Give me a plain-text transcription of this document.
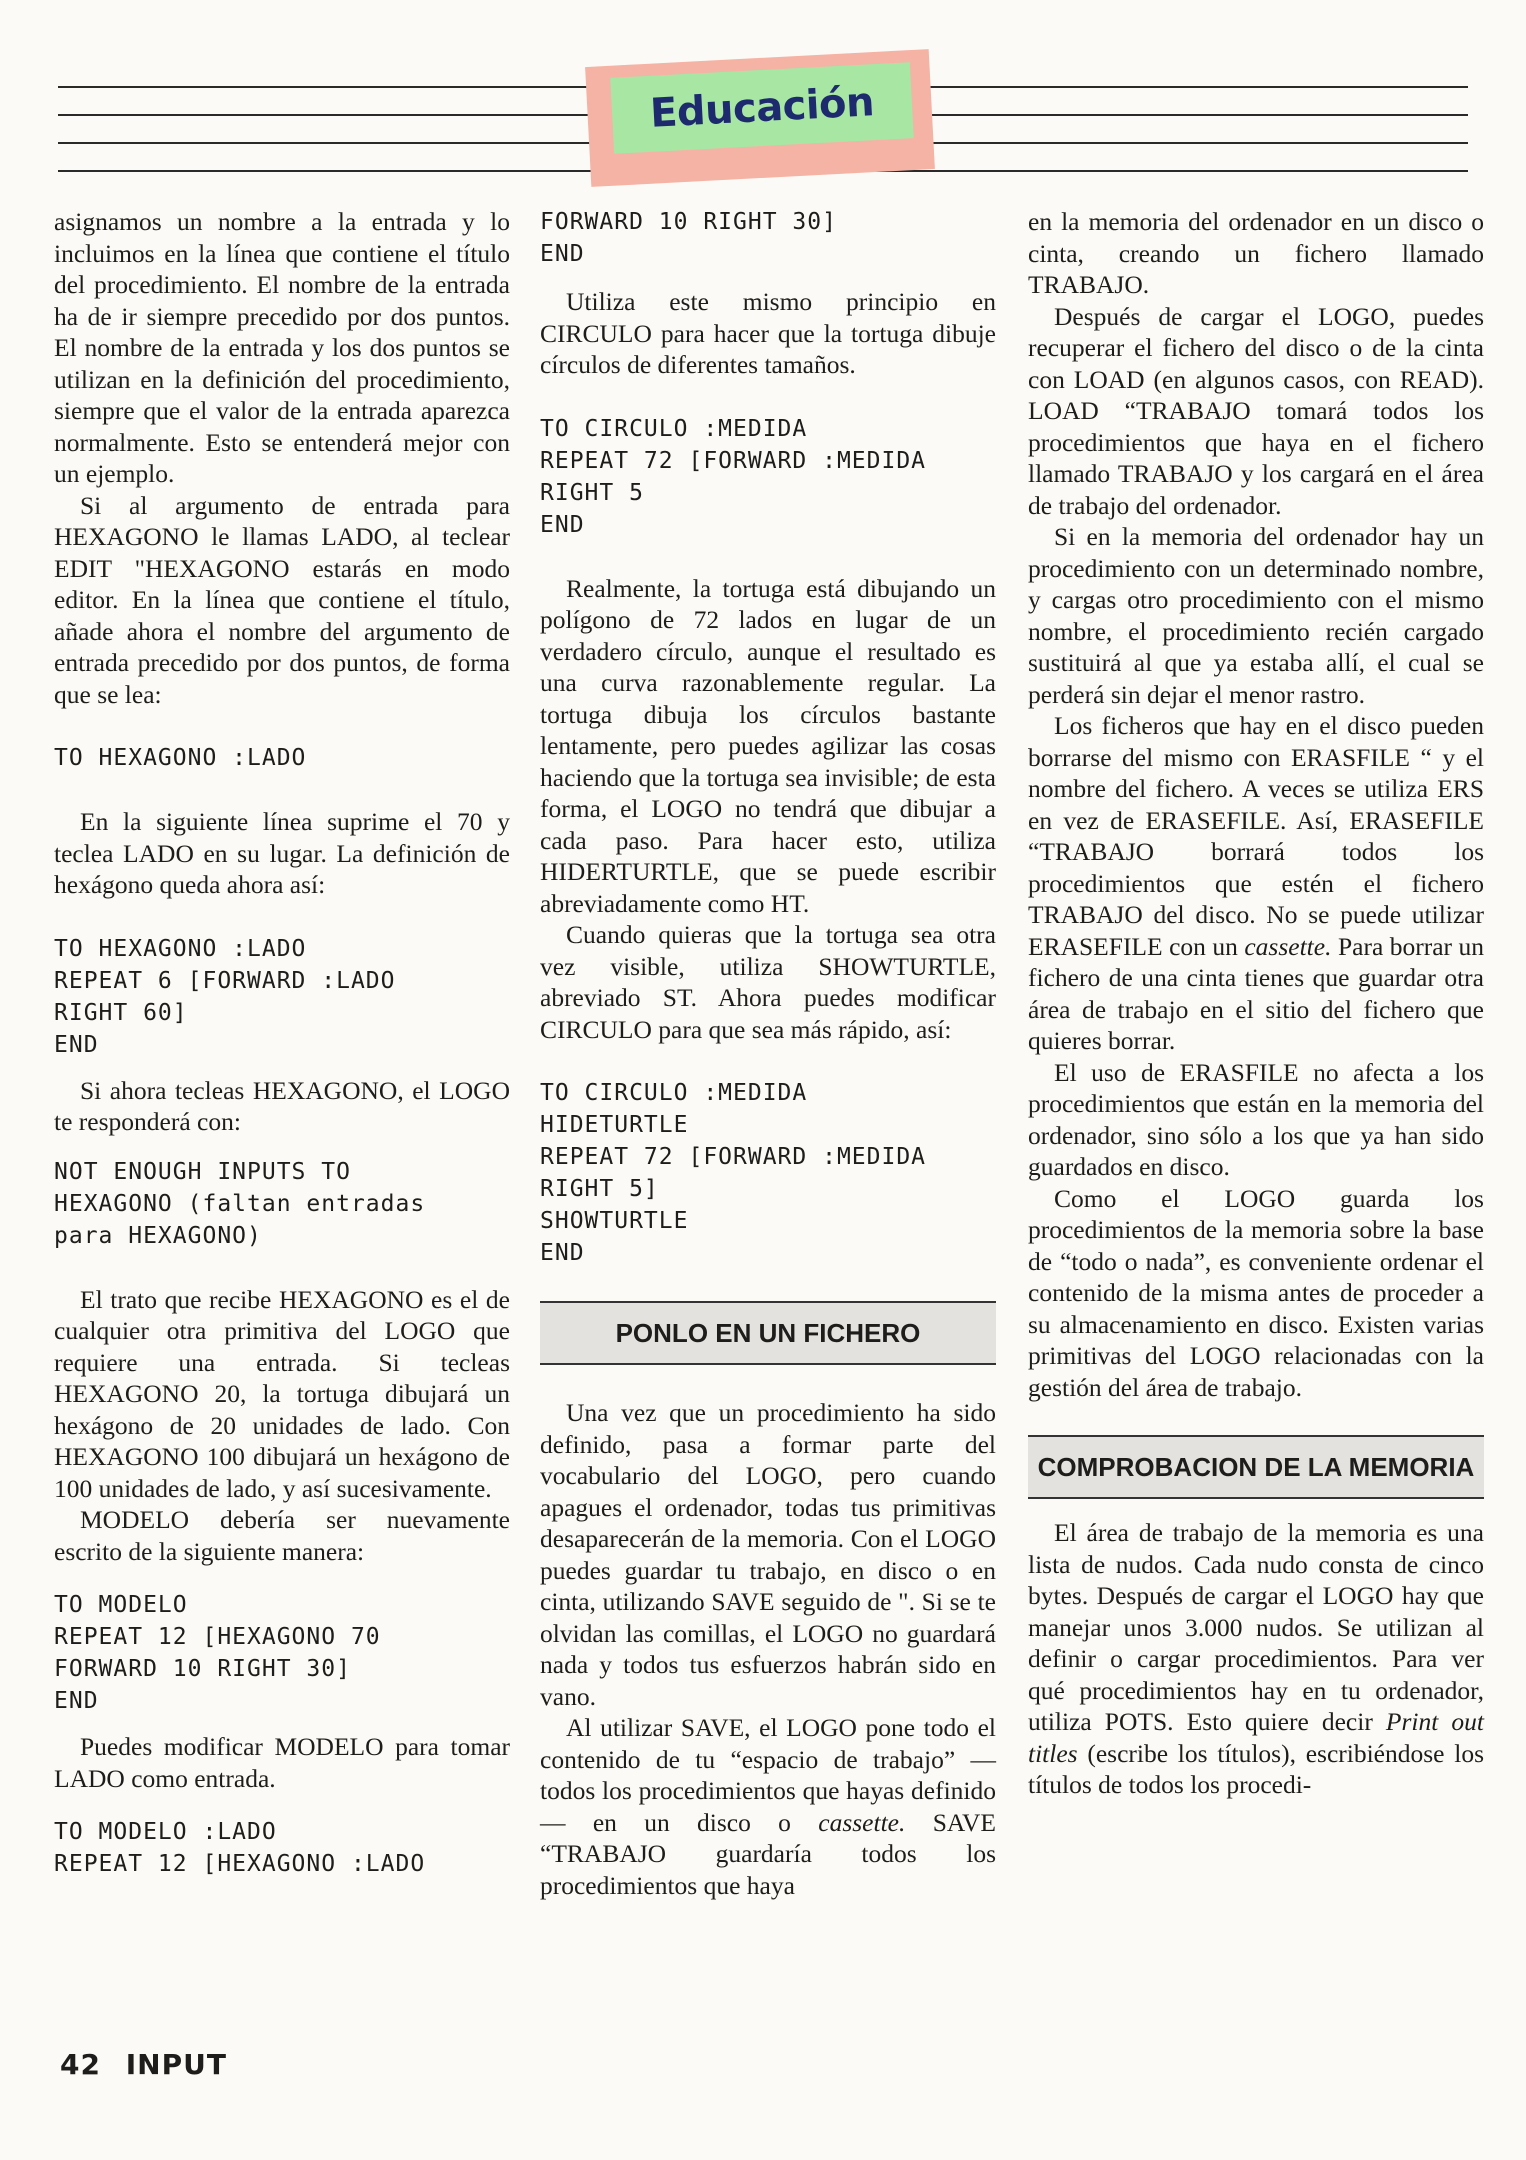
Educación

asignamos un nombre a la entrada y lo incluimos en la línea que contiene el título del procedimiento. El nombre de la entrada ha de ir siempre precedido por dos puntos. El nombre de la entrada y los dos puntos se utilizan en la definición del procedimiento, siempre que el valor de la entrada aparezca normalmente. Esto se entenderá mejor con un ejemplo.

Si al argumento de entrada para HEXAGONO le llamas LADO, al teclear EDIT "HEXAGONO estarás en modo editor. En la línea que contiene el título, añade ahora el nombre del argumento de entrada precedido por dos puntos, de forma que se lea:

TO HEXAGONO :LADO

En la siguiente línea suprime el 70 y teclea LADO en su lugar. La definición de hexágono queda ahora así:

TO HEXAGONO :LADO
REPEAT 6 [FORWARD :LADO
RIGHT 60]
END

Si ahora tecleas HEXAGONO, el LOGO te responderá con:

NOT ENOUGH INPUTS TO
HEXAGONO (faltan entradas
para HEXAGONO)

El trato que recibe HEXAGONO es el de cualquier otra primitiva del LOGO que requiere una entrada. Si tecleas HEXAGONO 20, la tortuga dibujará un hexágono de 20 unidades de lado. Con HEXAGONO 100 dibujará un hexágono de 100 unidades de lado, y así sucesivamente.

MODELO debería ser nuevamente escrito de la siguiente manera:

TO MODELO
REPEAT 12 [HEXAGONO 70
FORWARD 10 RIGHT 30]
END

Puedes modificar MODELO para tomar LADO como entrada.

TO MODELO :LADO
REPEAT 12 [HEXAGONO :LADO
FORWARD 10 RIGHT 30]
END

Utiliza este mismo principio en CIRCULO para hacer que la tortuga dibuje círculos de diferentes tamaños.

TO CIRCULO :MEDIDA
REPEAT 72 [FORWARD :MEDIDA
RIGHT 5
END

Realmente, la tortuga está dibujando un polígono de 72 lados en lugar de un verdadero círculo, aunque el resultado es una curva razonablemente regular. La tortuga dibuja los círculos bastante lentamente, pero puedes agilizar las cosas haciendo que la tortuga sea invisible; de esta forma, el LOGO no tendrá que dibujar a cada paso. Para hacer esto, utiliza HIDERTURTLE, que se puede escribir abreviadamente como HT.

Cuando quieras que la tortuga sea otra vez visible, utiliza SHOWTURTLE, abreviado ST. Ahora puedes modificar CIRCULO para que sea más rápido, así:

TO CIRCULO :MEDIDA
HIDETURTLE
REPEAT 72 [FORWARD :MEDIDA
RIGHT 5]
SHOWTURTLE
END
PONLO EN UN FICHERO

Una vez que un procedimiento ha sido definido, pasa a formar parte del vocabulario del LOGO, pero cuando apagues el ordenador, todas tus primitivas desaparecerán de la memoria. Con el LOGO puedes guardar tu trabajo, en disco o en cinta, utilizando SAVE seguido de ". Si se te olvidan las comillas, el LOGO no guardará nada y todos tus esfuerzos habrán sido en vano.

Al utilizar SAVE, el LOGO pone todo el contenido de tu “espacio de trabajo” —todos los procedimientos que hayas definido— en un disco o cassette. SAVE “TRABAJO guardaría todos los procedimientos que haya

en la memoria del ordenador en un disco o cinta, creando un fichero llamado TRABAJO.

Después de cargar el LOGO, puedes recuperar el fichero del disco o de la cinta con LOAD (en algunos casos, con READ). LOAD “TRABAJO tomará todos los procedimientos que haya en el fichero llamado TRABAJO y los cargará en el área de trabajo del ordenador.

Si en la memoria del ordenador hay un procedimiento con un determinado nombre, y cargas otro procedimiento con el mismo nombre, el procedimiento recién cargado sustituirá al que ya estaba allí, el cual se perderá sin dejar el menor rastro.

Los ficheros que hay en el disco pueden borrarse del mismo con ERASFILE “ y el nombre del fichero. A veces se utiliza ERS en vez de ERASEFILE. Así, ERASEFILE “TRABAJO borrará todos los procedimientos que estén el fichero TRABAJO del disco. No se puede utilizar ERASEFILE con un cassette. Para borrar un fichero de una cinta tienes que guardar otra área de trabajo en el sitio del fichero que quieres borrar.

El uso de ERASFILE no afecta a los procedimientos que están en la memoria del ordenador, sino sólo a los que ya han sido guardados en disco.

Como el LOGO guarda los procedimientos de la memoria sobre la base de “todo o nada”, es conveniente ordenar el contenido de la misma antes de proceder a su almacenamiento en disco. Existen varias primitivas del LOGO relacionadas con la gestión del área de trabajo.

COMPROBACION DE LA MEMORIA

El área de trabajo de la memoria es una lista de nudos. Cada nudo consta de cinco bytes. Después de cargar el LOGO hay que manejar unos 3.000 nudos. Se utilizan al definir o cargar procedimientos. Para ver qué procedimientos hay en tu ordenador, utiliza POTS. Esto quiere decir Print out titles (escribe los títulos), escribiéndose los títulos de todos los procedi-

42 INPUT
